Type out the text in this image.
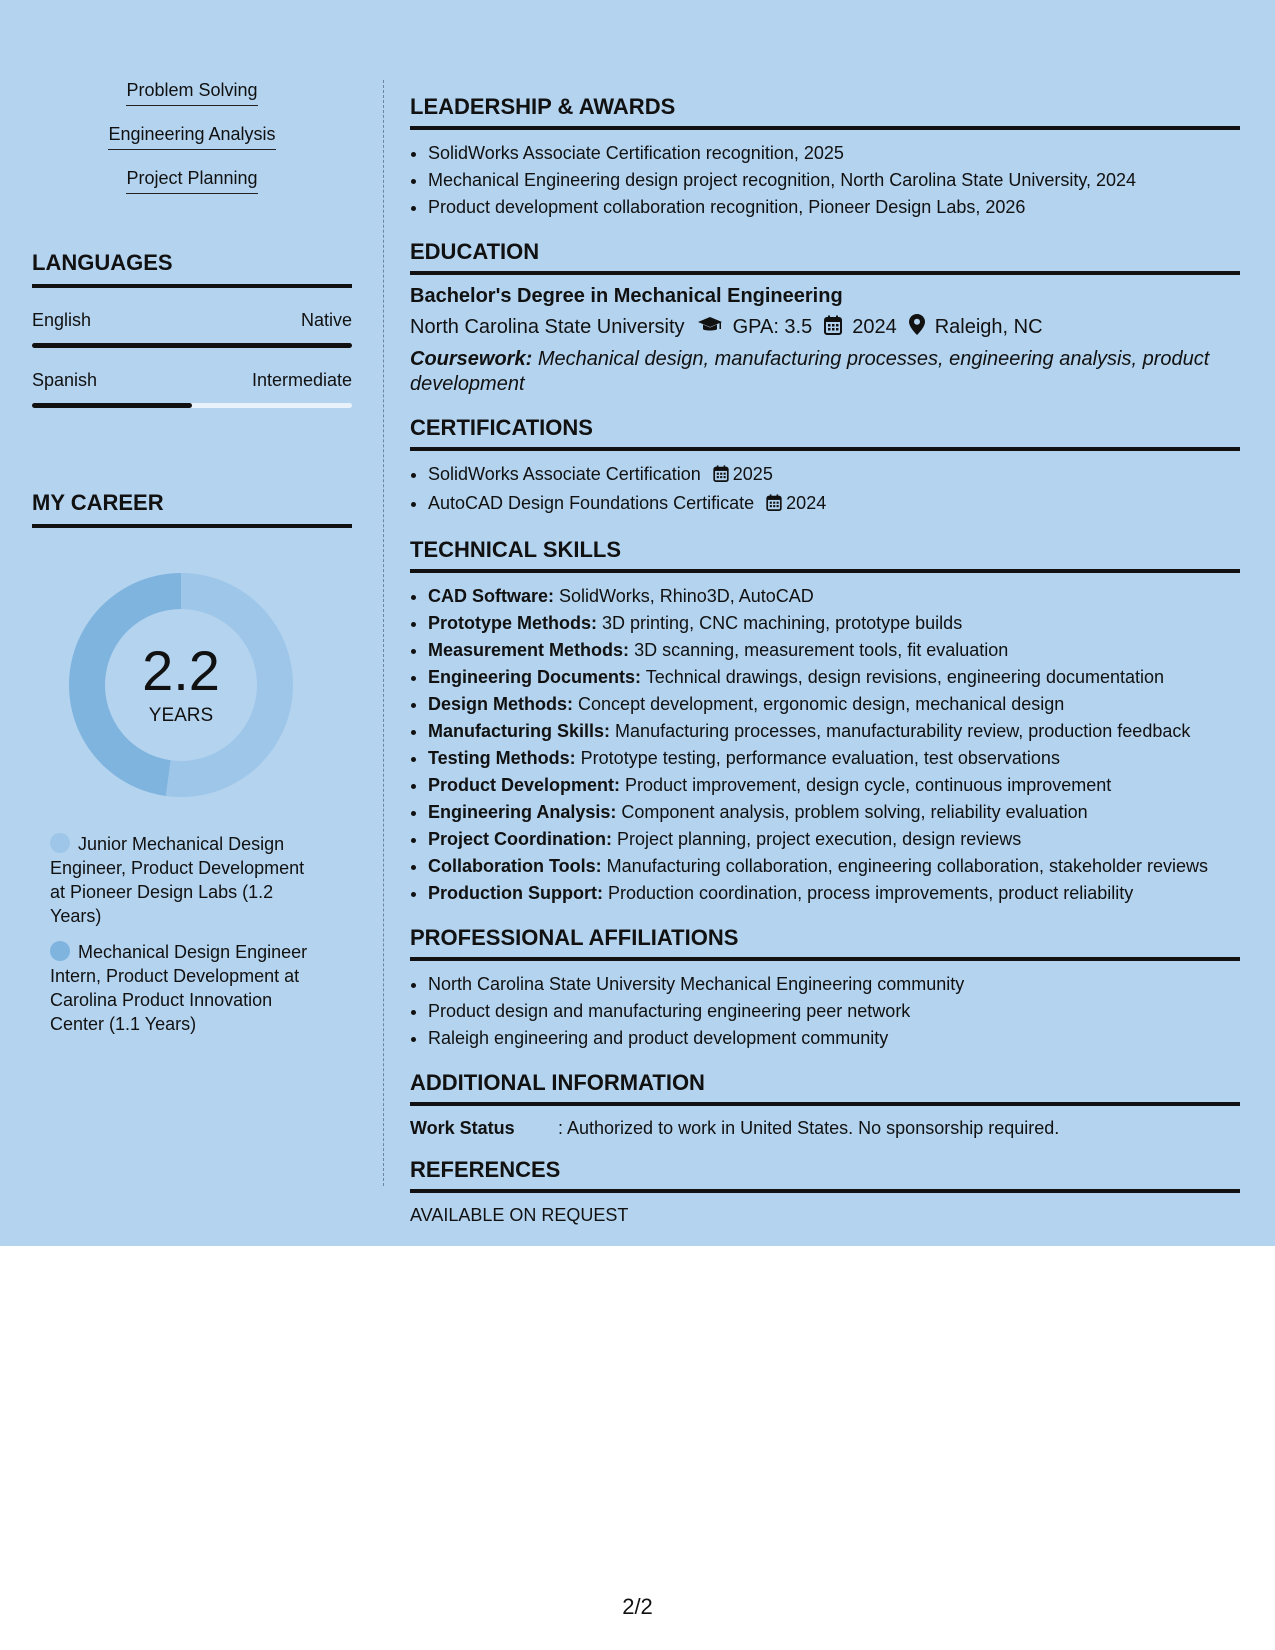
Problem Solving
Engineering Analysis
Project Planning
LANGUAGES
English	Native
Spanish	Intermediate
MY CAREER
2.2
YEARS
Junior Mechanical Design Engineer, Product Development at Pioneer Design Labs (1.2 Years)
Mechanical Design Engineer Intern, Product Development at Carolina Product Innovation Center (1.1 Years)
LEADERSHIP & AWARDS
• SolidWorks Associate Certification recognition, 2025
• Mechanical Engineering design project recognition, North Carolina State University, 2024
• Product development collaboration recognition, Pioneer Design Labs, 2026
EDUCATION
Bachelor's Degree in Mechanical Engineering
North Carolina State University GPA: 3.5 2024 Raleigh, NC
Coursework: Mechanical design, manufacturing processes, engineering analysis, product development
CERTIFICATIONS
• SolidWorks Associate Certification 2025
• AutoCAD Design Foundations Certificate 2024
TECHNICAL SKILLS
• CAD Software: SolidWorks, Rhino3D, AutoCAD
• Prototype Methods: 3D printing, CNC machining, prototype builds
• Measurement Methods: 3D scanning, measurement tools, fit evaluation
• Engineering Documents: Technical drawings, design revisions, engineering documentation
• Design Methods: Concept development, ergonomic design, mechanical design
• Manufacturing Skills: Manufacturing processes, manufacturability review, production feedback
• Testing Methods: Prototype testing, performance evaluation, test observations
• Product Development: Product improvement, design cycle, continuous improvement
• Engineering Analysis: Component analysis, problem solving, reliability evaluation
• Project Coordination: Project planning, project execution, design reviews
• Collaboration Tools: Manufacturing collaboration, engineering collaboration, stakeholder reviews
• Production Support: Production coordination, process improvements, product reliability
PROFESSIONAL AFFILIATIONS
• North Carolina State University Mechanical Engineering community
• Product design and manufacturing engineering peer network
• Raleigh engineering and product development community
ADDITIONAL INFORMATION
Work Status	: Authorized to work in United States. No sponsorship required.
REFERENCES
AVAILABLE ON REQUEST
2/2
